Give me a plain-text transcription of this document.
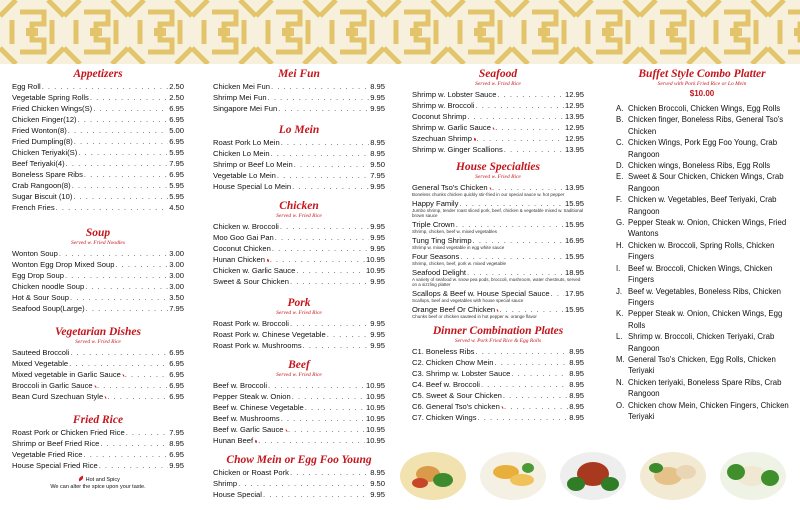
Appetizers
Egg Roll . . .	2.50
Vegetable Spring Rolls . . .	2.50
Fried Chicken Wings(S) . . .	6.95
Chicken Finger(12) . . .	6.95
Fried Wonton(8) . . .	5.00
Fried Dumpling(8) . . .	6.95
Chicken Teriyaki(S) . . .	5.95
Beef Teriyaki(4) . . .	7.95
Boneless Spare Ribs . . .	6.95
Crab Rangoon(8) . . .	5.95
Sugar Biscuit (10) . . .	5.95
French Fries . . .	4.50
Soup
Served w. Fried Noodles
Wonton Soup . . .	3.00
Wonton Egg Drop Mixed Soup . . .	3.00
Egg Drop Soup . . .	3.00
Chicken noodle Soup . . .	3.00
Hot & Sour Soup . . .	3.50
Seafood Soup(Large) . . .	7.95
Vegetarian Dishes
Served w. Fried Rice
Sauteed Broccoli . . .	6.95
Mixed Vegetable . . .	6.95
Mixed vegetable in Garlic Sauce . . .	6.95
Broccoli in Garlic Sauce . . .	6.95
Bean Curd Szechuan Style . . .	6.95
Fried Rice
Roast Pork or Chicken Fried Rice . . .	7.95
Shrimp or Beef Fried Rice . . .	8.95
Vegetable Fried Rice . . .	6.95
House Special Fried Rice . . .	9.95
Hot and Spicy
We can alter the spice upon your taste.
Mei Fun
Chicken Mei Fun . . .	8.95
Shrimp Mei Fun . . .	9.95
Singapore Mei Fun . . .	9.95
Lo Mein
Roast Pork Lo Mein . . .	8.95
Chicken Lo Mein . . .	8.95
Shrimp or Beef Lo Mein . . .	9.50
Vegetable Lo Mein . . .	7.95
House Special Lo Mein . . .	9.95
Chicken
Served w. Fried Rice
Chicken w. Broccoli . . .	9.95
Moo Goo Gai Pan . . .	9.95
Coconut Chicken . . .	9.95
Hunan Chicken . . .	10.95
Chicken w. Garlic Sauce . . .	10.95
Sweet & Sour Chicken . . .	9.95
Pork
Served w. Fried Rice
Roast Pork w. Broccoli . . .	9.95
Roast Pork w. Chinese Vegetable . . .	9.95
Roast Pork w. Mushrooms . . .	9.95
Beef
Served w. Fried Rice
Beef w. Broccoli . . .	10.95
Pepper Steak w. Onion . . .	10.95
Beef w. Chinese Vegetable . . .	10.95
Beef w. Mushrooms . . .	10.95
Beef w. Garlic Sauce . . .	10.95
Hunan Beef . . .	10.95
Chow Mein or Egg Foo Young
Chicken or Roast Pork . . .	8.95
Shrimp . . .	9.50
House Special . . .	9.95
Seafood
Served w. Fried Rice
Shrimp w. Lobster Sauce . . .	12.95
Shrimp w. Broccoli . . .	12.95
Coconut Shrimp . . .	13.95
Shrimp w. Garlic Sauce . . .	12.95
Szechuan Shrimp . . .	12.95
Shrimp w. Ginger Scallions . . .	13.95
House Specialties
Served w. Fried Rice
General Tso's Chicken . . .	13.95
Boneless chunks chicken quickly stir-fried in our special sauce w. hot pepper
Happy Family . . .	15.95
Jumbo shrimp, tender roast sliced pork, beef, chicken & vegetable mixed w. traditional brown sauce
Triple Crown . . .	15.95
Shrimp, chicken, beef w. mixed vegetables
Tung Ting Shrimp . . .	16.95
Shrimp w. mixed vegetable in egg white sauce
Four Seasons . . .	15.95
Shrimp, chicken, beef, pork w. mixed vegetable
Seafood Delight . . .	18.95
A variety of seafood w. snow pea pods, broccoli, mushroom, water chestnuts, served on a sizzling platter
Scallops & Beef w. House Special Sauce . . . 17.95
Scallops, beef and vegetables with house special sauce
Orange Beef Or Chicken . . .	15.95
Chunks beef or chicken sauteed in hot pepper w. orange flavor
Dinner Combination Plates
Served w. Pork Fried Rice & Egg Rolls
C1. Boneless Ribs . . .	8.95
C2. Chicken Chow Mein . . .	8.95
C3. Shrimp w. Lobster Sauce . . .	8.95
C4. Beef w. Broccoli . . .	8.95
C5. Sweet & Sour Chicken . . .	8.95
C6. General Tso's chicken . . .	8.95
C7. Chicken Wings . . .	8.95
Buffet Style Combo Platter
Served with Pork Fried Rice or Lo Mein
$10.00
A. Chicken Broccoli, Chicken Wings, Egg Rolls
B. Chicken finger, Boneless Ribs, General Tso's Chicken
C. Chicken Wings, Pork Egg Foo Young, Crab Rangoon
D. Chicken wings, Boneless Ribs, Egg Rolls
E. Sweet & Sour Chicken, Chicken Wings, Crab Rangoon
F. Chicken w. Vegetables, Beef Teriyaki, Crab Rangoon
G. Pepper Steak w. Onion, Chicken Wings, Fried Wantons
H. Chicken w. Broccoli, Spring Rolls, Chicken Fingers
I. Beef w. Broccoli, Chicken Wings, Chicken Fingers
J. Beef w. Vegetables, Boneless Ribs, Chicken Fingers
K. Pepper Steak w. Onion, Chicken Wings, Egg Rolls
L. Shrimp w. Broccoli, Chicken Teriyaki, Crab Rangoon
M. General Tso's Chicken, Egg Rolls, Chicken Teriyaki
N. Chicken teriyaki, Boneless Spare Ribs, Crab Rangoon
O. Chicken chow Mein, Chicken Fingers, Chicken Teriyaki
